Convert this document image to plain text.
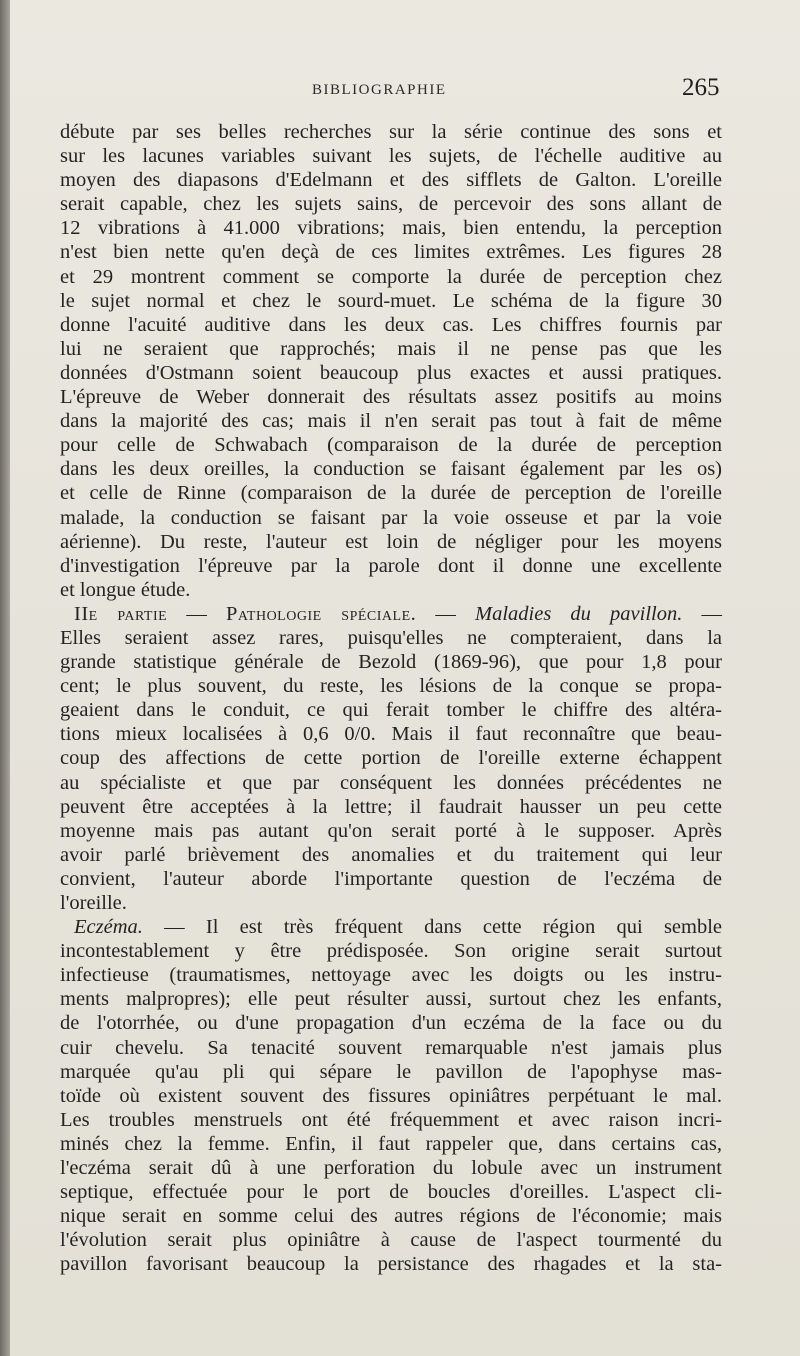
BIBLIOGRAPHIE	265
débute par ses belles recherches sur la série continue des sons et
sur les lacunes variables suivant les sujets, de l'échelle auditive au
moyen des diapasons d'Edelmann et des sifflets de Galton. L'oreille
serait capable, chez les sujets sains, de percevoir des sons allant de
12 vibrations à 41.000 vibrations; mais, bien entendu, la perception
n'est bien nette qu'en deçà de ces limites extrêmes. Les figures 28
et 29 montrent comment se comporte la durée de perception chez
le sujet normal et chez le sourd-muet. Le schéma de la figure 30
donne l'acuité auditive dans les deux cas. Les chiffres fournis par
lui ne seraient que rapprochés; mais il ne pense pas que les
données d'Ostmann soient beaucoup plus exactes et aussi pratiques.
L'épreuve de Weber donnerait des résultats assez positifs au moins
dans la majorité des cas; mais il n'en serait pas tout à fait de même
pour celle de Schwabach (comparaison de la durée de perception
dans les deux oreilles, la conduction se faisant également par les os)
et celle de Rinne (comparaison de la durée de perception de l'oreille
malade, la conduction se faisant par la voie osseuse et par la voie
aérienne). Du reste, l'auteur est loin de négliger pour les moyens
d'investigation l'épreuve par la parole dont il donne une excellente
et longue étude.
IIe partie — Pathologie spéciale. — Maladies du pavillon. —
Elles seraient assez rares, puisqu'elles ne compteraient, dans la
grande statistique générale de Bezold (1869-96), que pour 1,8 pour
cent; le plus souvent, du reste, les lésions de la conque se propa-
geaient dans le conduit, ce qui ferait tomber le chiffre des altéra-
tions mieux localisées à 0,6 0/0. Mais il faut reconnaître que beau-
coup des affections de cette portion de l'oreille externe échappent
au spécialiste et que par conséquent les données précédentes ne
peuvent être acceptées à la lettre; il faudrait hausser un peu cette
moyenne mais pas autant qu'on serait porté à le supposer. Après
avoir parlé brièvement des anomalies et du traitement qui leur
convient, l'auteur aborde l'importante question de l'eczéma de
l'oreille.
Eczéma. — Il est très fréquent dans cette région qui semble
incontestablement y être prédisposée. Son origine serait surtout
infectieuse (traumatismes, nettoyage avec les doigts ou les instru-
ments malpropres); elle peut résulter aussi, surtout chez les enfants,
de l'otorrhée, ou d'une propagation d'un eczéma de la face ou du
cuir chevelu. Sa tenacité souvent remarquable n'est jamais plus
marquée qu'au pli qui sépare le pavillon de l'apophyse mas-
toïde où existent souvent des fissures opiniâtres perpétuant le mal.
Les troubles menstruels ont été fréquemment et avec raison incri-
minés chez la femme. Enfin, il faut rappeler que, dans certains cas,
l'eczéma serait dû à une perforation du lobule avec un instrument
septique, effectuée pour le port de boucles d'oreilles. L'aspect cli-
nique serait en somme celui des autres régions de l'économie; mais
l'évolution serait plus opiniâtre à cause de l'aspect tourmenté du
pavillon favorisant beaucoup la persistance des rhagades et la sta-
